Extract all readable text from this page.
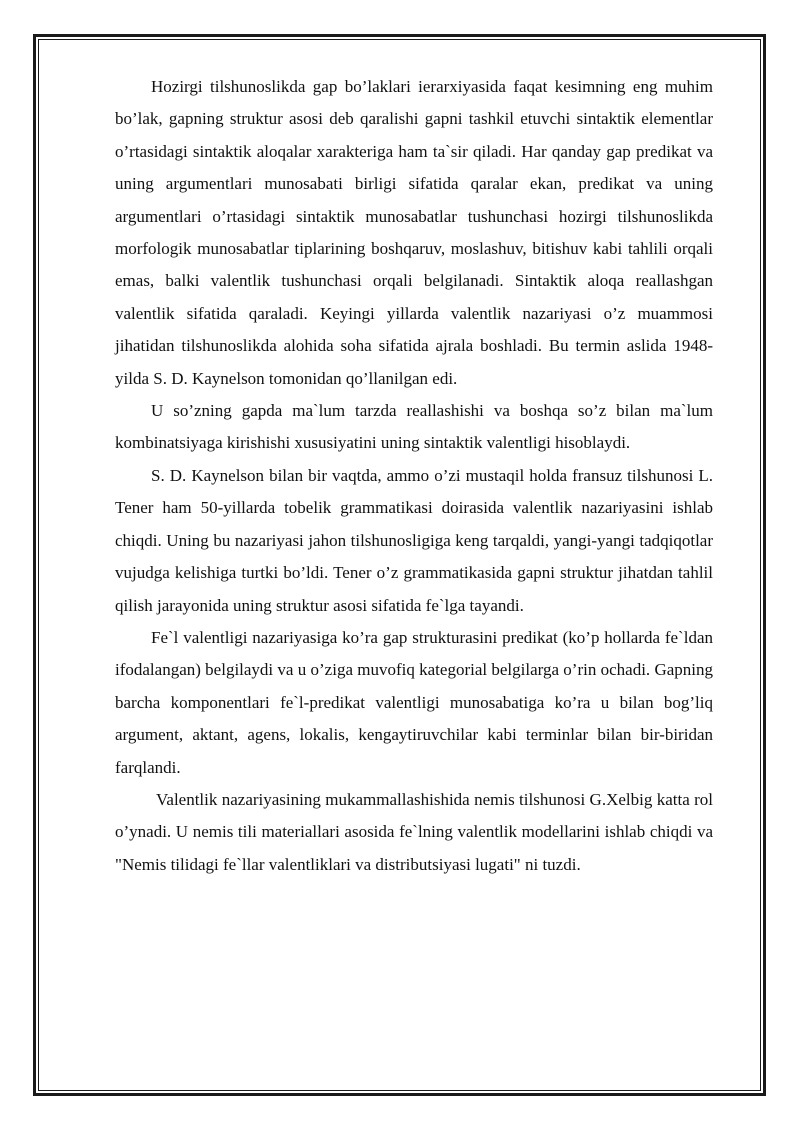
Hozirgi tilshunoslikda gap bo’laklari ierarxiyasida faqat kesimning eng muhim bo’lak, gapning struktur asosi deb qaralishi gapni tashkil etuvchi sintaktik elementlar o’rtasidagi sintaktik aloqalar xarakteriga ham ta`sir qiladi. Har qanday gap predikat va uning argumentlari munosabati birligi sifatida qaralar ekan, predikat va uning argumentlari o’rtasidagi sintaktik munosabatlar tushunchasi hozirgi tilshunoslikda morfologik munosabatlar tiplarining boshqaruv, moslashuv, bitishuv kabi tahlili orqali emas, balki valentlik tushunchasi orqali belgilanadi. Sintaktik aloqa reallashgan valentlik sifatida qaraladi. Keyingi yillarda valentlik nazariyasi o’z muammosi jihatidan tilshunoslikda alohida soha sifatida ajrala boshladi. Bu termin aslida 1948-yilda S. D. Kaynelson tomonidan qo’llanilgan edi.

U so’zning gapda ma`lum tarzda reallashishi va boshqa so’z bilan ma`lum kombinatsiyaga kirishishi xususiyatini uning sintaktik valentligi hisoblaydi.

S. D. Kaynelson bilan bir vaqtda, ammo o’zi mustaqil holda fransuz tilshunosi L. Tener ham 50-yillarda tobelik grammatikasi doirasida valentlik nazariyasini ishlab chiqdi. Uning bu nazariyasi jahon tilshunosligiga keng tarqaldi, yangi-yangi tadqiqotlar vujudga kelishiga turtki bo’ldi. Tener o’z grammatikasida gapni struktur jihatdan tahlil qilish jarayonida uning struktur asosi sifatida fe`lga tayandi.

Fe`l valentligi nazariyasiga ko’ra gap strukturasini predikat (ko’p hollarda fe`ldan ifodalangan) belgilaydi va u o’ziga muvofiq kategorial belgilarga o’rin ochadi. Gapning barcha komponentlari fe`l-predikat valentligi munosabatiga ko’ra u bilan bog’liq argument, aktant, agens, lokalis, kengaytiruvchilar kabi terminlar bilan bir-biridan farqlandi.

Valentlik nazariyasining mukammallashishida nemis tilshunosi G.Xelbig katta rol o’ynadi. U nemis tili materiallari asosida fe`lning valentlik modellarini ishlab chiqdi va "Nemis tilidagi fe`llar valentliklari va distributsiyasi lugati" ni tuzdi.
